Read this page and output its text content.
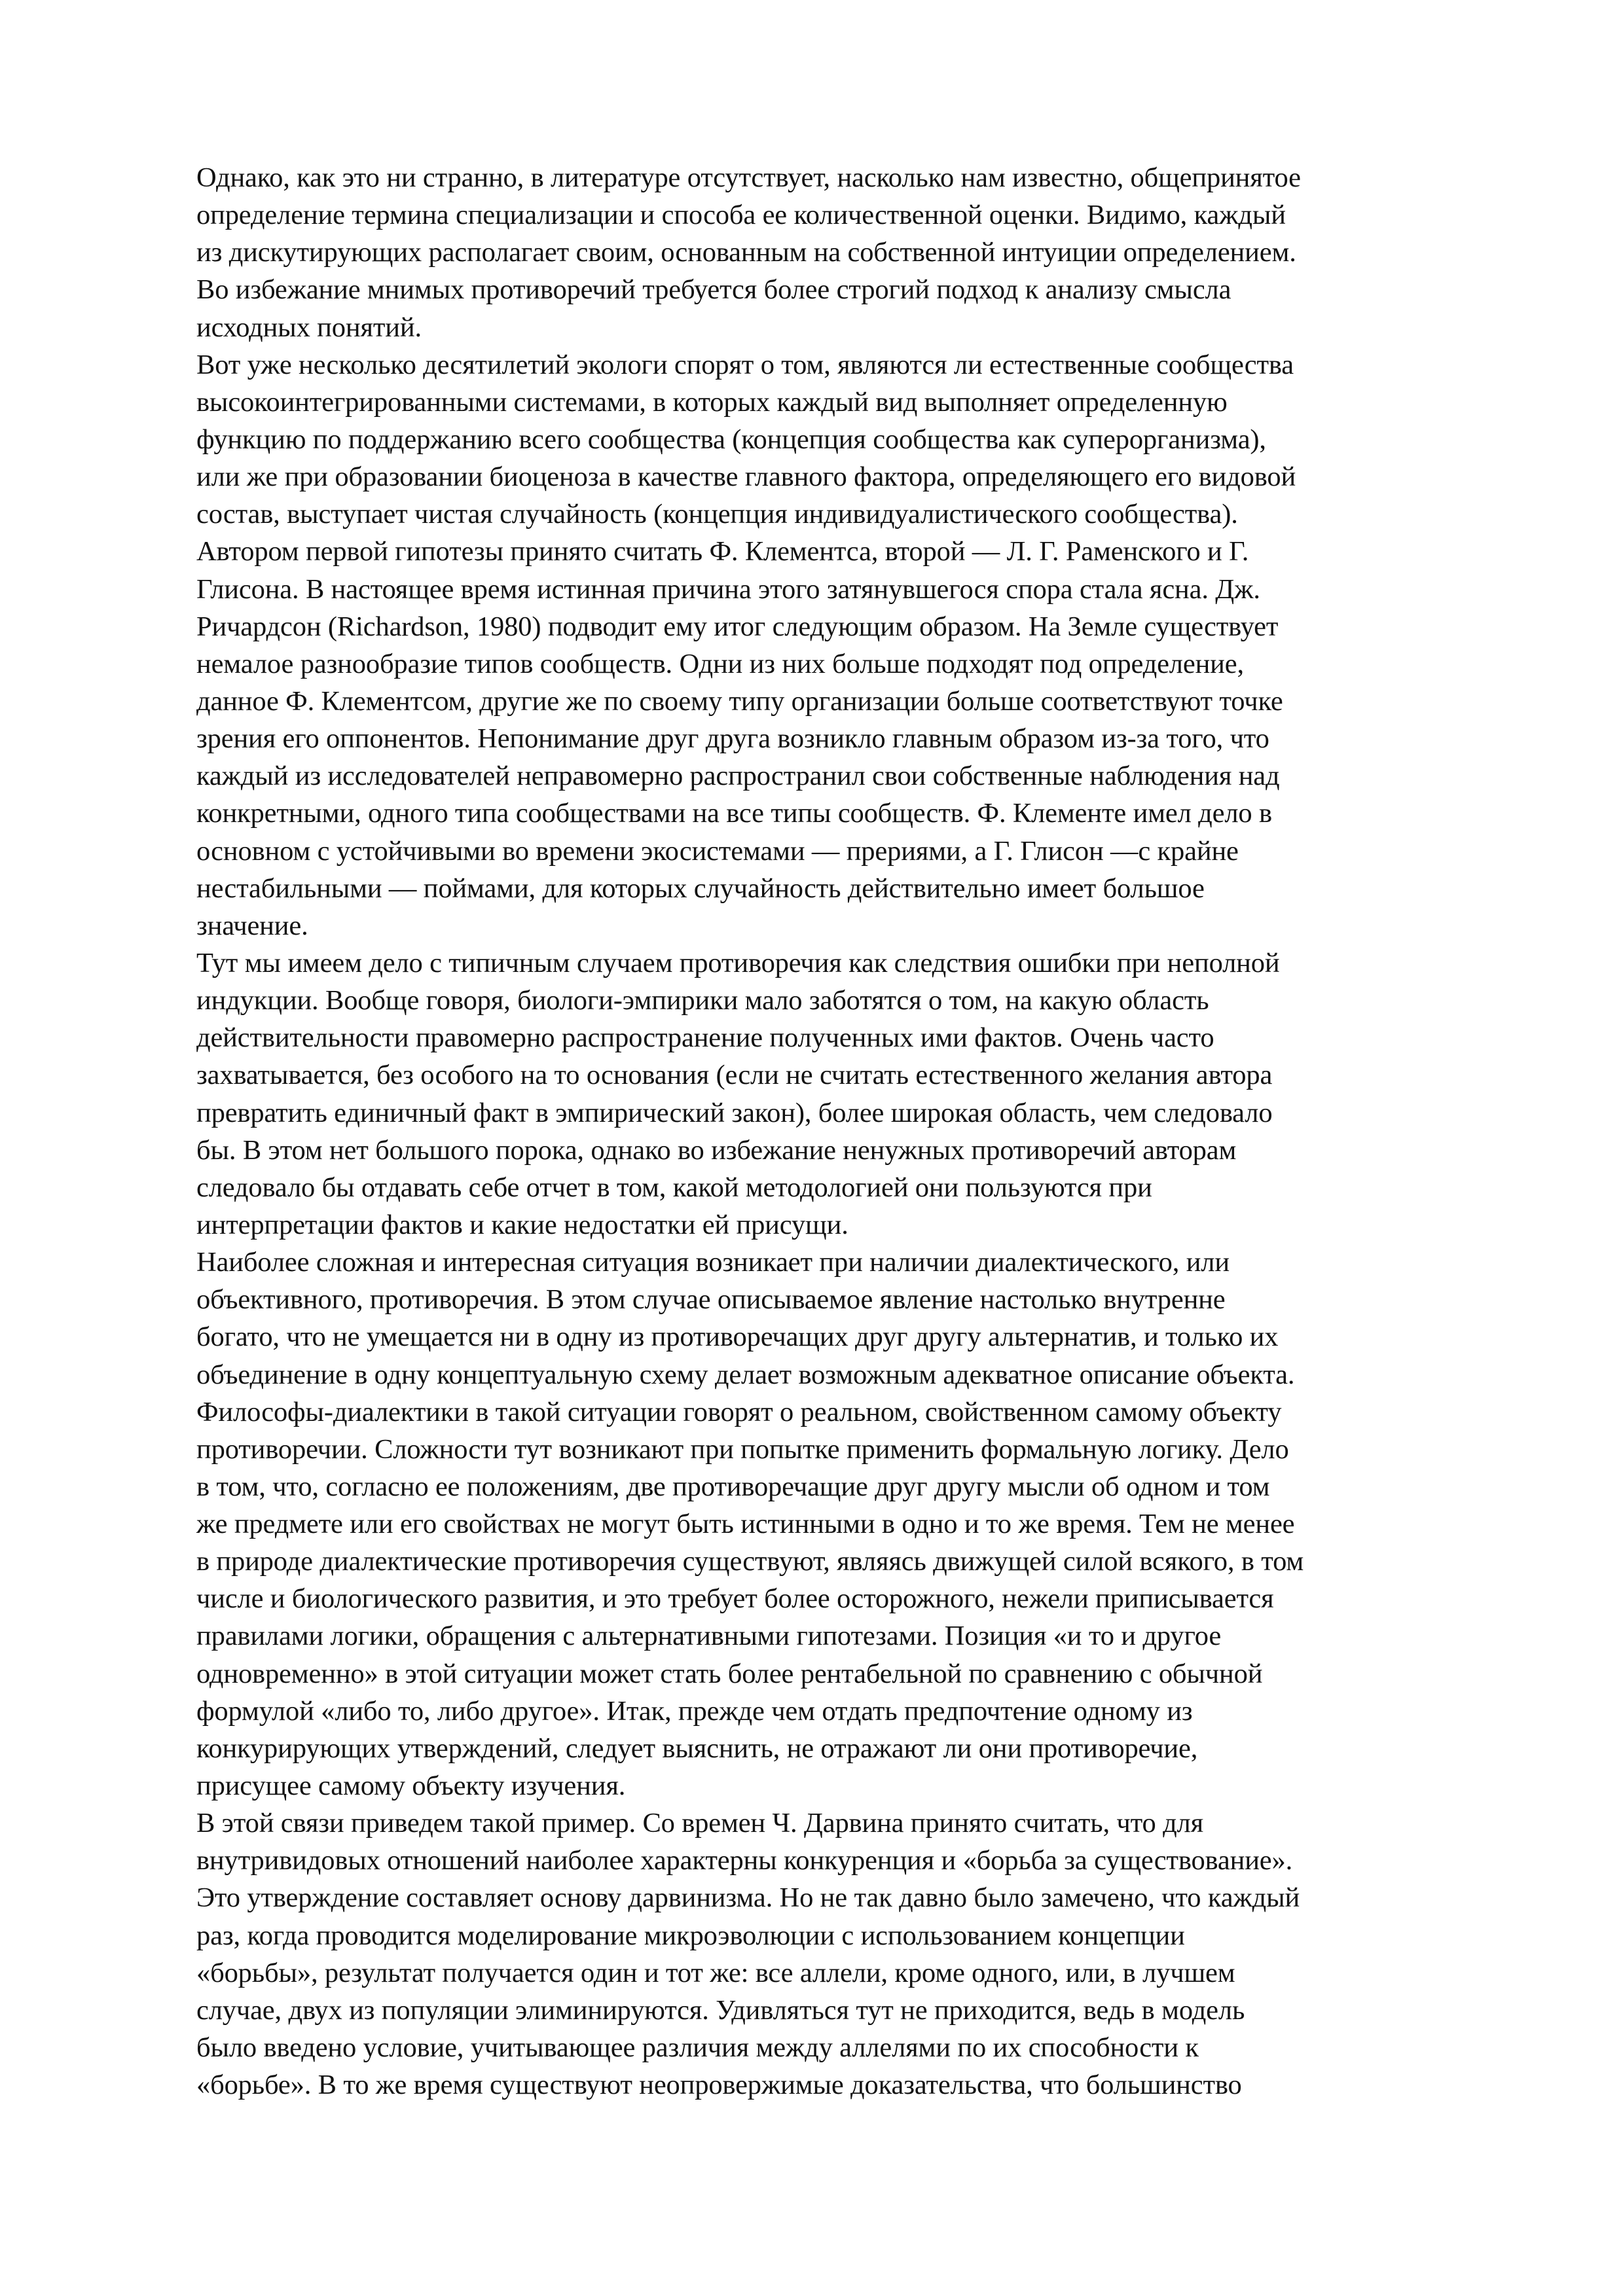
Однако, как это ни странно, в литературе отсутствует, насколько нам известно, общепринятое
определение термина специализации и способа ее количественной оценки. Видимо, каждый
из дискутирующих располагает своим, основанным на собственной интуиции определением.
Во избежание мнимых противоречий требуется более строгий подход к анализу смысла
исходных понятий.
Вот уже несколько десятилетий экологи спорят о том, являются ли естественные сообщества
высокоинтегрированными системами, в которых каждый вид выполняет определенную
функцию по поддержанию всего сообщества (концепция сообщества как суперорганизма),
или же при образовании биоценоза в качестве главного фактора, определяющего его видовой
состав, выступает чистая случайность (концепция индивидуалистического сообщества).
Автором первой гипотезы принято считать Ф. Клементса, второй — Л. Г. Раменского и Г.
Глисона. В настоящее время истинная причина этого затянувшегося спора стала ясна. Дж.
Ричардсон (Richardson, 1980) подводит ему итог следующим образом. На Земле существует
немалое разнообразие типов сообществ. Одни из них больше подходят под определение,
данное Ф. Клементсом, другие же по своему типу организации больше соответствуют точке
зрения его оппонентов. Непонимание друг друга возникло главным образом из-за того, что
каждый из исследователей неправомерно распространил свои собственные наблюдения над
конкретными, одного типа сообществами на все типы сообществ. Ф. Клементе имел дело в
основном с устойчивыми во времени экосистемами — прериями, а Г. Глисон —с крайне
нестабильными — поймами, для которых случайность действительно имеет большое
значение.
Тут мы имеем дело с типичным случаем противоречия как следствия ошибки при неполной
индукции. Вообще говоря, биологи-эмпирики мало заботятся о том, на какую область
действительности правомерно распространение полученных ими фактов. Очень часто
захватывается, без особого на то основания (если не считать естественного желания автора
превратить единичный факт в эмпирический закон), более широкая область, чем следовало
бы. В этом нет большого порока, однако во избежание ненужных противоречий авторам
следовало бы отдавать себе отчет в том, какой методологией они пользуются при
интерпретации фактов и какие недостатки ей присущи.
Наиболее сложная и интересная ситуация возникает при наличии диалектического, или
объективного, противоречия. В этом случае описываемое явление настолько внутренне
богато, что не умещается ни в одну из противоречащих друг другу альтернатив, и только их
объединение в одну концептуальную схему делает возможным адекватное описание объекта.
Философы-диалектики в такой ситуации говорят о реальном, свойственном самому объекту
противоречии. Сложности тут возникают при попытке применить формальную логику. Дело
в том, что, согласно ее положениям, две противоречащие друг другу мысли об одном и том
же предмете или его свойствах не могут быть истинными в одно и то же время. Тем не менее
в природе диалектические противоречия существуют, являясь движущей силой всякого, в том
числе и биологического развития, и это требует более осторожного, нежели приписывается
правилами логики, обращения с альтернативными гипотезами. Позиция «и то и другое
одновременно» в этой ситуации может стать более рентабельной по сравнению с обычной
формулой «либо то, либо другое». Итак, прежде чем отдать предпочтение одному из
конкурирующих утверждений, следует выяснить, не отражают ли они противоречие,
присущее самому объекту изучения.
В этой связи приведем такой пример. Со времен Ч. Дарвина принято считать, что для
внутривидовых отношений наиболее характерны конкуренция и «борьба за существование».
Это утверждение составляет основу дарвинизма. Но не так давно было замечено, что каждый
раз, когда проводится моделирование микроэволюции с использованием концепции
«борьбы», результат получается один и тот же: все аллели, кроме одного, или, в лучшем
случае, двух из популяции элиминируются. Удивляться тут не приходится, ведь в модель
было введено условие, учитывающее различия между аллелями по их способности к
«борьбе». В то же время существуют неопровержимые доказательства, что большинство
